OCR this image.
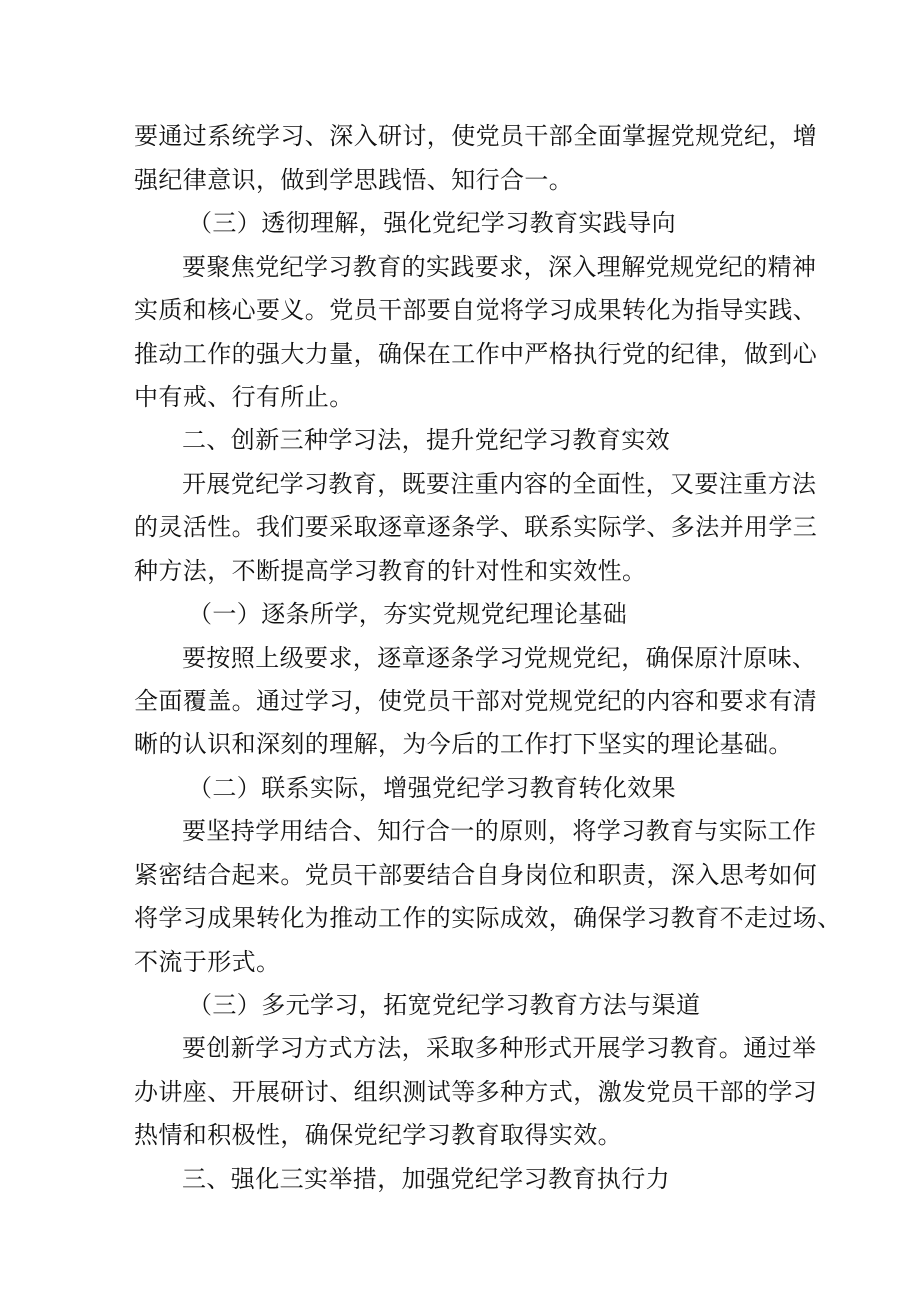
要通过系统学习、深入研讨，使党员干部全面掌握党规党纪，增
强纪律意识，做到学思践悟、知行合一。
（三）透彻理解，强化党纪学习教育实践导向
要聚焦党纪学习教育的实践要求，深入理解党规党纪的精神
实质和核心要义。党员干部要自觉将学习成果转化为指导实践、
推动工作的强大力量，确保在工作中严格执行党的纪律，做到心
中有戒、行有所止。
二、创新三种学习法，提升党纪学习教育实效
开展党纪学习教育，既要注重内容的全面性，又要注重方法
的灵活性。我们要采取逐章逐条学、联系实际学、多法并用学三
种方法，不断提高学习教育的针对性和实效性。
（一）逐条所学，夯实党规党纪理论基础
要按照上级要求，逐章逐条学习党规党纪，确保原汁原味、
全面覆盖。通过学习，使党员干部对党规党纪的内容和要求有清
晰的认识和深刻的理解，为今后的工作打下坚实的理论基础。
（二）联系实际，增强党纪学习教育转化效果
要坚持学用结合、知行合一的原则，将学习教育与实际工作
紧密结合起来。党员干部要结合自身岗位和职责，深入思考如何
将学习成果转化为推动工作的实际成效，确保学习教育不走过场、
不流于形式。
（三）多元学习，拓宽党纪学习教育方法与渠道
要创新学习方式方法，采取多种形式开展学习教育。通过举
办讲座、开展研讨、组织测试等多种方式，激发党员干部的学习
热情和积极性，确保党纪学习教育取得实效。
三、强化三实举措，加强党纪学习教育执行力
